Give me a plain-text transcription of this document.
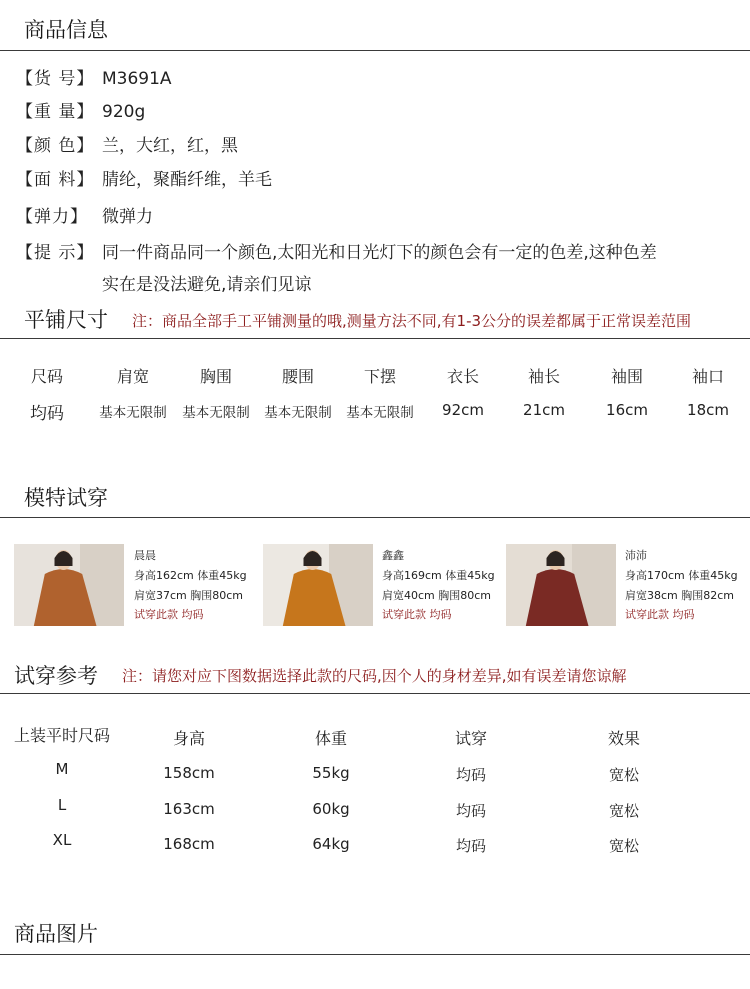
商品信息
【货 号】 M3691A
【重 量】 920g
【颜 色】 兰，大红，红，黑
【面 料】 腈纶，聚酯纤维，羊毛
【弹力】 微弹力
【提 示】 同一件商品同一个颜色,太阳光和日光灯下的颜色会有一定的色差,这种色差
实在是没法避免,请亲们见谅
平铺尺寸 注：商品全部手工平铺测量的哦,测量方法不同,有1-3公分的误差都属于正常误差范围
尺码	肩宽	胸围	腰围	下摆	衣长	袖长	袖围	袖口
均码	基本无限制 基本无限制 基本无限制 基本无限制 92cm	21cm	16cm	18cm
模特试穿
晨晨
身高162cm 体重45kg
肩宽37cm 胸围80cm
试穿此款 均码
鑫鑫
身高169cm 体重45kg
肩宽40cm 胸围80cm
试穿此款 均码
沛沛
身高170cm 体重45kg
肩宽38cm 胸围82cm
试穿此款 均码
试穿参考 注：请您对应下图数据选择此款的尺码,因个人的身材差异,如有误差请您谅解
上装平时尺码	身高	体重	试穿	效果
M	158cm	55kg	均码	宽松
L	163cm	60kg	均码	宽松
XL	168cm	64kg	均码	宽松
商品图片
